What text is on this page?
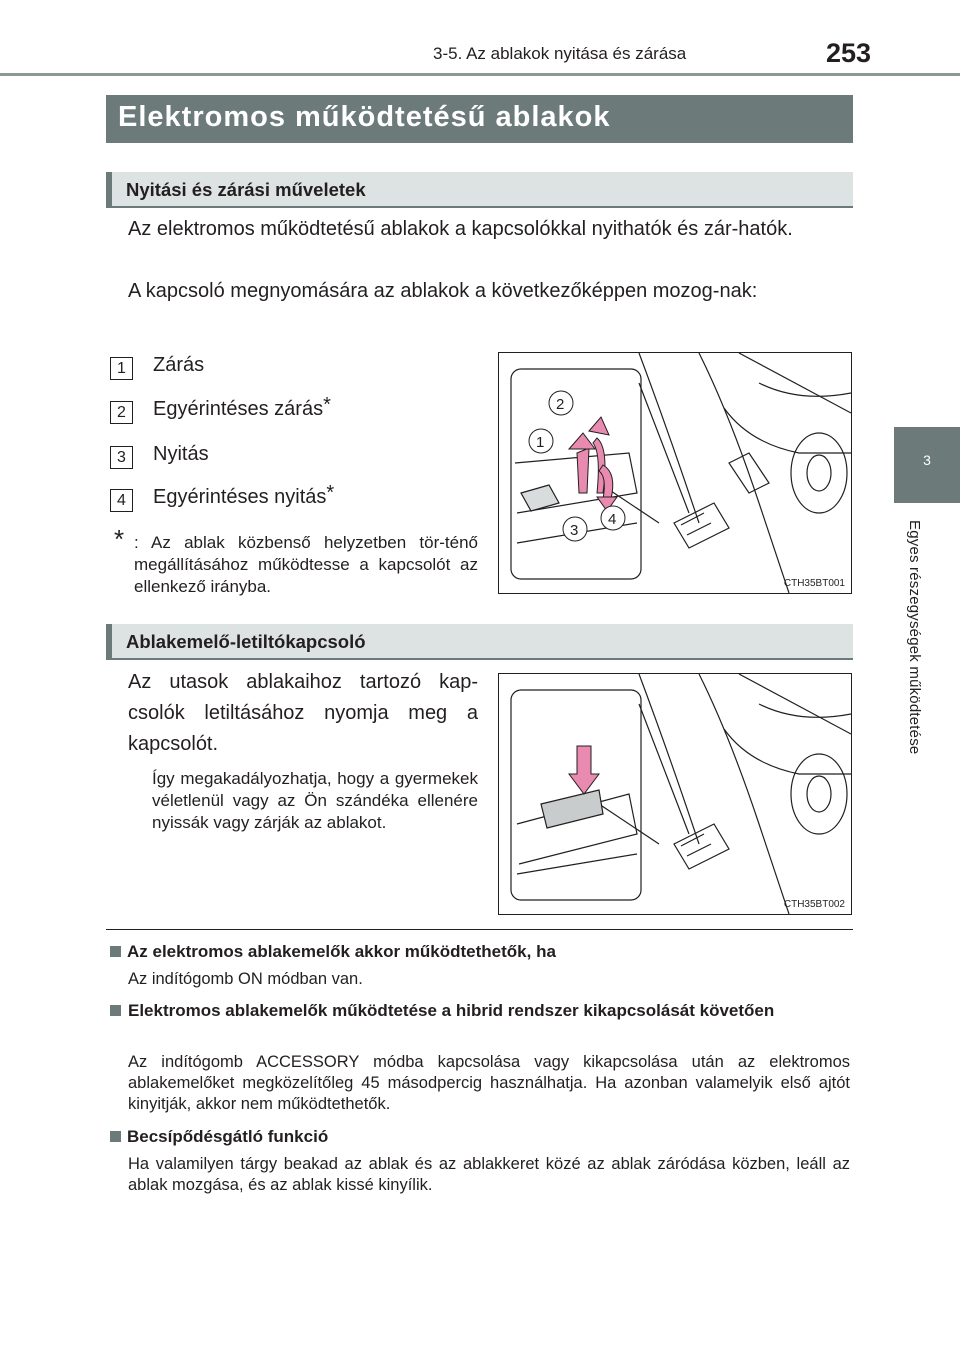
3-5. Az ablakok nyitása és zárása	253
3
Egyes részegységek működtetése
Elektromos működtetésű ablakok
Nyitási és zárási műveletek
Az elektromos működtetésű ablakok a kapcsolókkal nyithatók és zár-hatók.
A kapcsoló megnyomására az ablakok a következőképpen mozog-nak:
1	Zárás
2	Egyérintéses zárás*
3	Nyitás
4	Egyérintéses nyitás*
* : Az ablak közbenső helyzetben tör-ténő megállításához működtesse a kapcsolót az ellenkező irányba.
2
1
3
4
CTH35BT001
Ablakemelő-letiltókapcsoló
Az utasok ablakaihoz tartozó kap-csolók letiltásához nyomja meg a kapcsolót.
Így megakadályozhatja, hogy a gyermekek véletlenül vagy az Ön szándéka ellenére nyissák vagy zárják az ablakot.
CTH35BT002
Az elektromos ablakemelők akkor működtethetők, ha
Az indítógomb ON módban van.
Elektromos ablakemelők működtetése a hibrid rendszer kikapcsolását követően
Az indítógomb ACCESSORY módba kapcsolása vagy kikapcsolása után az elektromos ablakemelőket megközelítőleg 45 másodpercig használhatja. Ha azonban valamelyik első ajtót kinyitják, akkor nem működtethetők.
Becsípődésgátló funkció
Ha valamilyen tárgy beakad az ablak és az ablakkeret közé az ablak záródása közben, leáll az ablak mozgása, és az ablak kissé kinyílik.
